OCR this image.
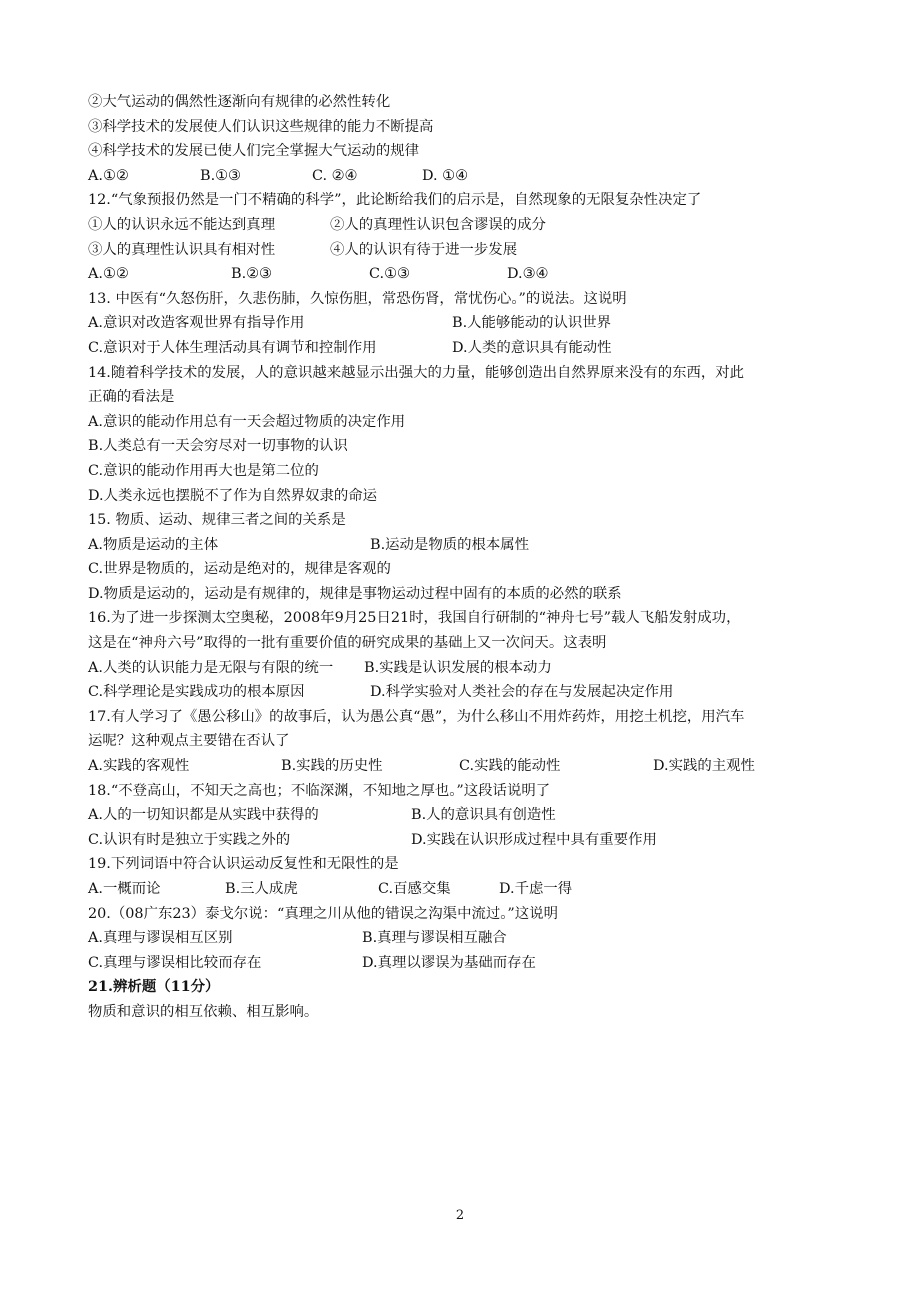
②大气运动的偶然性逐渐向有规律的必然性转化
③科学技术的发展使人们认识这些规律的能力不断提高
④科学技术的发展已使人们完全掌握大气运动的规律
A.①②	B.①③	C. ②④	D. ①④
12.“气象预报仍然是一门不精确的科学”，此论断给我们的启示是，自然现象的无限复杂性决定了
①人的认识永远不能达到真理	②人的真理性认识包含谬误的成分
③人的真理性认识具有相对性	④人的认识有待于进一步发展
A.①②	B.②③	C.①③	D.③④
13. 中医有“久怒伤肝，久悲伤肺，久惊伤胆，常恐伤肾，常忧伤心。”的说法。这说明
A.意识对改造客观世界有指导作用	B.人能够能动的认识世界
C.意识对于人体生理活动具有调节和控制作用	D.人类的意识具有能动性
14.随着科学技术的发展，人的意识越来越显示出强大的力量，能够创造出自然界原来没有的东西，对此
正确的看法是
A.意识的能动作用总有一天会超过物质的决定作用
B.人类总有一天会穷尽对一切事物的认识
C.意识的能动作用再大也是第二位的
D.人类永远也摆脱不了作为自然界奴隶的命运
15. 物质、运动、规律三者之间的关系是
A.物质是运动的主体	B.运动是物质的根本属性
C.世界是物质的，运动是绝对的，规律是客观的
D.物质是运动的，运动是有规律的，规律是事物运动过程中固有的本质的必然的联系
16.为了进一步探测太空奥秘，2008年9月25日21时，我国自行研制的“神舟七号”载人飞船发射成功，
这是在“神舟六号”取得的一批有重要价值的研究成果的基础上又一次问天。这表明
A.人类的认识能力是无限与有限的统一	B.实践是认识发展的根本动力
C.科学理论是实践成功的根本原因	D.科学实验对人类社会的存在与发展起决定作用
17.有人学习了《愚公移山》的故事后，认为愚公真“愚”，为什么移山不用炸药炸，用挖土机挖，用汽车
运呢？这种观点主要错在否认了
A.实践的客观性	B.实践的历史性	C.实践的能动性	D.实践的主观性
18.“不登高山，不知天之高也；不临深渊，不知地之厚也。”这段话说明了
A.人的一切知识都是从实践中获得的	B.人的意识具有创造性
C.认识有时是独立于实践之外的	D.实践在认识形成过程中具有重要作用
19.下列词语中符合认识运动反复性和无限性的是
A.一概而论	B.三人成虎	C.百感交集	D.千虑一得
20.（08广东23）泰戈尔说：“真理之川从他的错误之沟渠中流过。”这说明
A.真理与谬误相互区别	B.真理与谬误相互融合
C.真理与谬误相比较而存在	D.真理以谬误为基础而存在
21.辨析题（11分）
物质和意识的相互依赖、相互影响。
2
